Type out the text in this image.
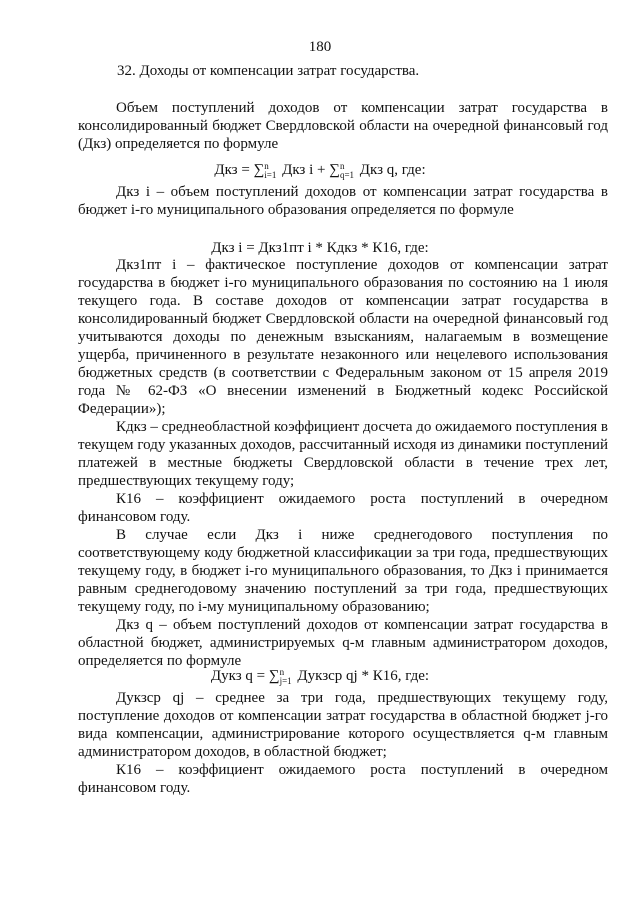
180
32. Доходы от компенсации затрат государства.

Объем поступлений доходов от компенсации затрат государства в консолидированный бюджет Свердловской области на очередной финансовый год (Дкз) определяется по формуле

Дкз = ∑ n
i=1 Дкз i + ∑ n
q=1 Дкз q, где:

Дкз i – объем поступлений доходов от компенсации затрат государства в бюджет i-го муниципального образования определяется по формуле

Дкз i = Дкз1пт i * Кдкз * К16, где:

Дкз1пт i – фактическое поступление доходов от компенсации затрат государства в бюджет i-го муниципального образования по состоянию на 1 июля текущего года. В составе доходов от компенсации затрат государства в консолидированный бюджет Свердловской области на очередной финансовый год учитываются доходы по денежным взысканиям, налагаемым в возмещение ущерба, причиненного в результате незаконного или нецелевого использования бюджетных средств (в соответствии с Федеральным законом от 15 апреля 2019 года № 62-ФЗ «О внесении изменений в Бюджетный кодекс Российской Федерации»);

Кдкз – среднеобластной коэффициент досчета до ожидаемого поступления в текущем году указанных доходов, рассчитанный исходя из динамики поступлений платежей в местные бюджеты Свердловской области в течение трех лет, предшествующих текущему году;

К16 – коэффициент ожидаемого роста поступлений в очередном финансовом году.

В случае если Дкз i ниже среднегодового поступления по соответствующему коду бюджетной классификации за три года, предшествующих текущему году, в бюджет i-го муниципального образования, то Дкз i принимается равным среднегодовому значению поступлений за три года, предшествующих текущему году, по i-му муниципальному образованию;

Дкз q – объем поступлений доходов от компенсации затрат государства в областной бюджет, администрируемых q-м главным администратором доходов, определяется по формуле

Дукз q = ∑ n
j=1 Дукзср qj * К16, где:

Дукзср qj – среднее за три года, предшествующих текущему году, поступление доходов от компенсации затрат государства в областной бюджет j-го вида компенсации, администрирование которого осуществляется q-м главным администратором доходов, в областной бюджет;

К16 – коэффициент ожидаемого роста поступлений в очередном финансовом году.
